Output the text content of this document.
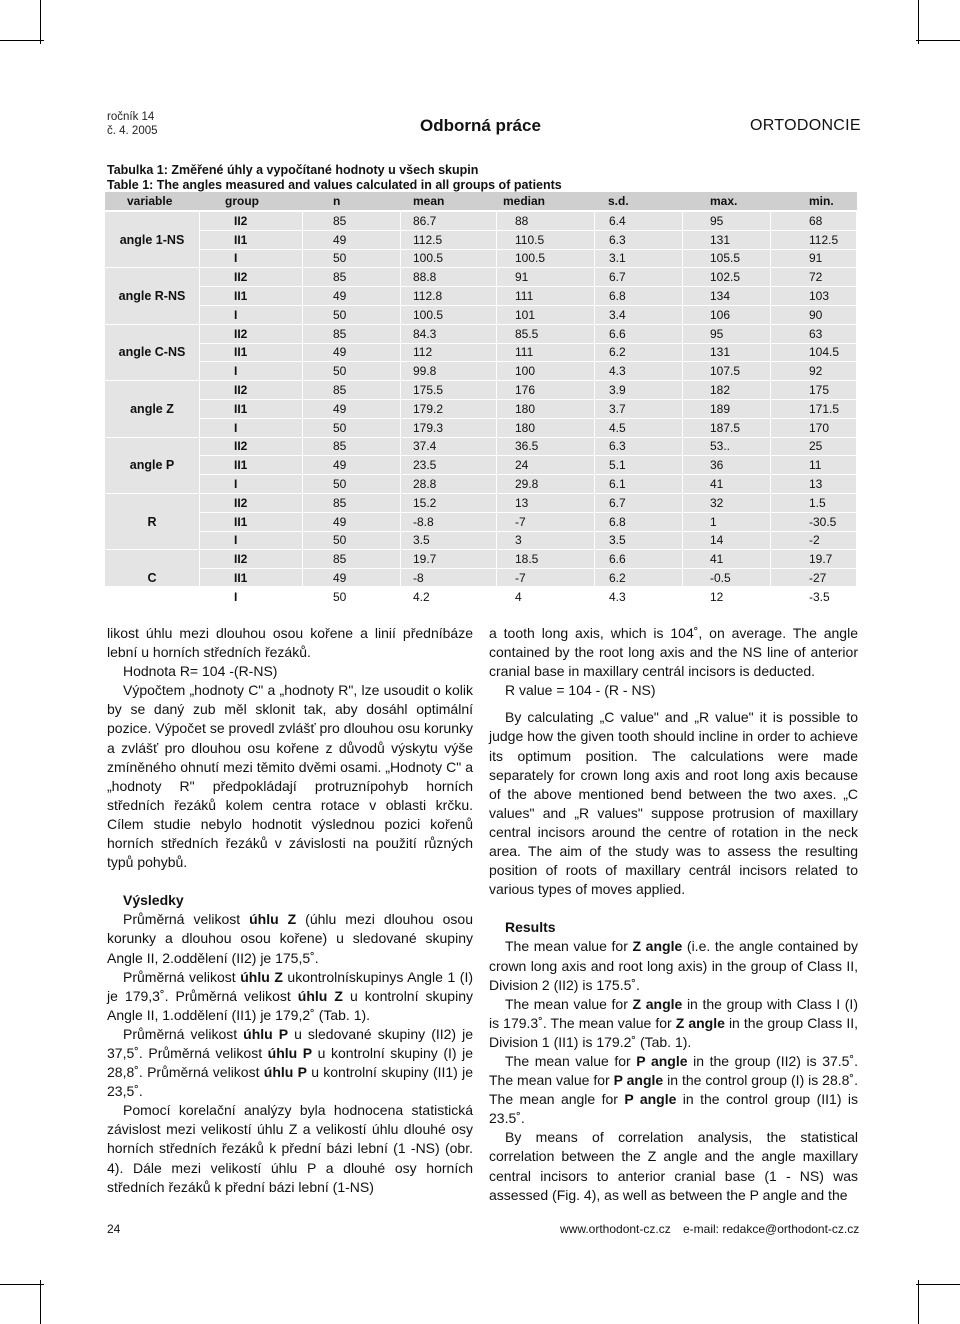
ročník 14
č. 4. 2005	Odborná práce	ORTODONCIE
Tabulka 1: Změřené úhly a vypočítané hodnoty u všech skupin
Table 1: The angles measured and values calculated in all groups of patients
variable	group	n	mean	median	s.d.	max.	min.
angle 1-NS	II2	85	86.7	88	6.4	95	68
	II1	49	112.5	110.5	6.3	131	112.5
	I	50	100.5	100.5	3.1	105.5	91
angle R-NS	II2	85	88.8	91	6.7	102.5	72
	II1	49	112.8	111	6.8	134	103
	I	50	100.5	101	3.4	106	90
angle C-NS	II2	85	84.3	85.5	6.6	95	63
	II1	49	112	111	6.2	131	104.5
	I	50	99.8	100	4.3	107.5	92
angle Z	II2	85	175.5	176	3.9	182	175
	II1	49	179.2	180	3.7	189	171.5
	I	50	179.3	180	4.5	187.5	170
angle P	II2	85	37.4	36.5	6.3	53..	25
	II1	49	23.5	24	5.1	36	11
	I	50	28.8	29.8	6.1	41	13
R	II2	85	15.2	13	6.7	32	1.5
	II1	49	-8.8	-7	6.8	1	-30.5
	I	50	3.5	3	3.5	14	-2
C	II2	85	19.7	18.5	6.6	41	19.7
	II1	49	-8	-7	6.2	-0.5	-27
	I	50	4.2	4	4.3	12	-3.5

likost úhlu mezi dlouhou osou kořene a linií předníbáze lební u horních středních řezáků.

Hodnota R= 104 -(R-NS)

Výpočtem „hodnoty C" a „hodnoty R", lze usoudit o kolik by se daný zub měl sklonit tak, aby dosáhl optimální pozice. Výpočet se provedl zvlášť pro dlouhou osu korunky a zvlášť pro dlouhou osu kořene z důvodů výskytu výše zmíněného ohnutí mezi těmito dvěmi osami. „Hodnoty C" a „hodnoty R" předpokládají protruznípohyb horních středních řezáků kolem centra rotace v oblasti krčku. Cílem studie nebylo hodnotit výslednou pozici kořenů horních středních řezáků v závislosti na použití různých typů pohybů.

Výsledky

Průměrná velikost úhlu Z (úhlu mezi dlouhou osou korunky a dlouhou osou kořene) u sledované skupiny Angle II, 2.oddělení (II2) je 175,5˚.

Průměrná velikost úhlu Z ukontrolnískupinys Angle 1 (I) je 179,3˚. Průměrná velikost úhlu Z u kontrolní skupiny Angle II, 1.oddělení (II1) je 179,2˚ (Tab. 1).

Průměrná velikost úhlu P u sledované skupiny (II2) je 37,5˚. Průměrná velikost úhlu P u kontrolní skupiny (I) je 28,8˚. Průměrná velikost úhlu P u kontrolní skupiny (II1) je 23,5˚.

Pomocí korelační analýzy byla hodnocena statistická závislost mezi velikostí úhlu Z a velikostí úhlu dlouhé osy horních středních řezáků k přední bázi lební (1 -NS) (obr. 4). Dále mezi velikostí úhlu P a dlouhé osy horních středních řezáků k přední bázi lební (1-NS)

a tooth long axis, which is 104˚, on average. The angle contained by the root long axis and the NS line of anterior cranial base in maxillary centrál incisors is deducted.

R value = 104 - (R - NS)

By calculating „C value" and „R value" it is possible to judge how the given tooth should incline in order to achieve its optimum position. The calculations were made separately for crown long axis and root long axis because of the above mentioned bend between the two axes. „C values" and „R values" suppose protrusion of maxillary central incisors around the centre of rotation in the neck area. The aim of the study was to assess the resulting position of roots of maxillary centrál incisors related to various types of moves applied.

Results

The mean value for Z angle (i.e. the angle contained by crown long axis and root long axis) in the group of Class II, Division 2 (II2) is 175.5˚.

The mean value for Z angle in the group with Class I (I) is 179.3˚. The mean value for Z angle in the group Class II, Division 1 (II1) is 179.2˚ (Tab. 1).

The mean value for P angle in the group (II2) is 37.5˚. The mean value for P angle in the control group (I) is 28.8˚. The mean angle for P angle in the control group (II1) is 23.5˚.

By means of correlation analysis, the statistical correlation between the Z angle and the angle maxillary central incisors to anterior cranial base (1 - NS) was assessed (Fig. 4), as well as between the P angle and the

24	www.orthodont-cz.cz e-mail: redakce@orthodont-cz.cz
